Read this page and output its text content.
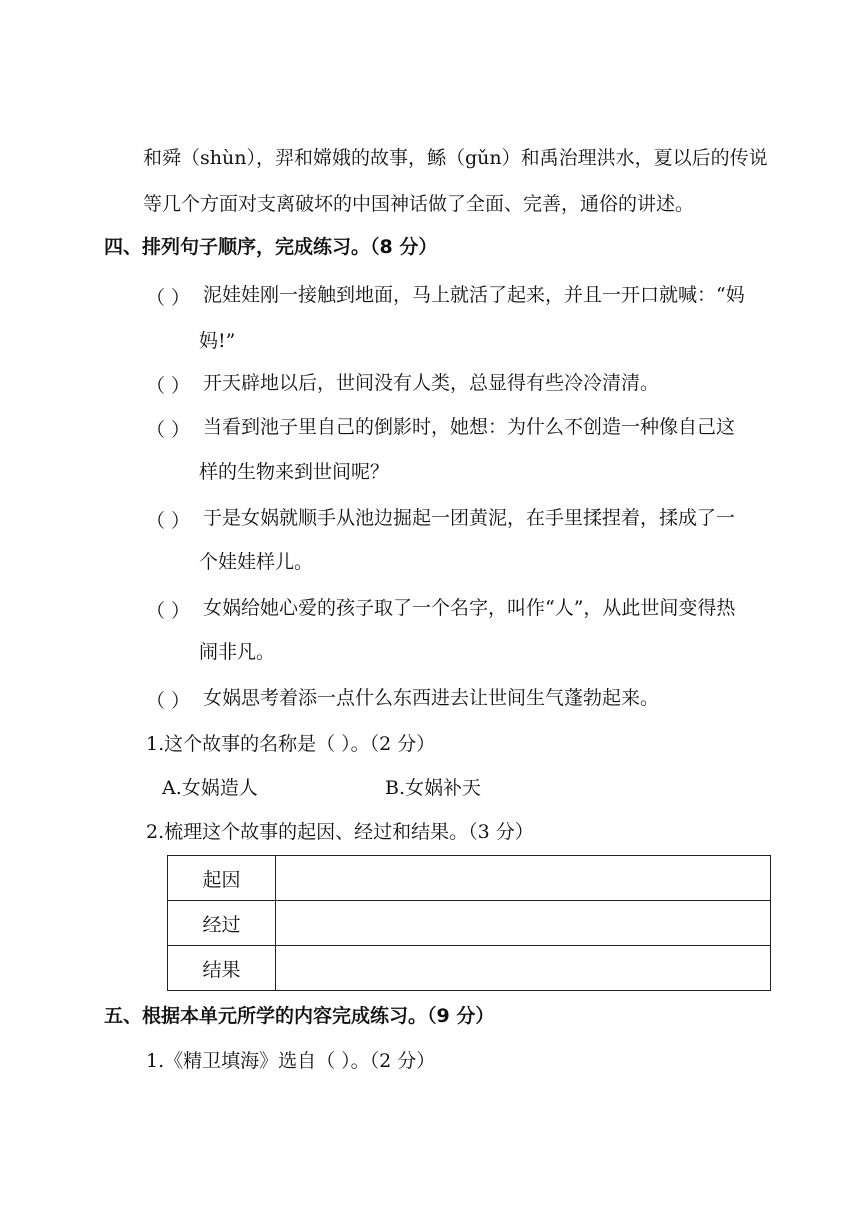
和舜（shùn），羿和嫦娥的故事，鲧（gǔn）和禹治理洪水，夏以后的传说
等几个方面对支离破坏的中国神话做了全面、完善，通俗的讲述。
四、排列句子顺序，完成练习。（8 分）
（ ） 泥娃娃刚一接触到地面，马上就活了起来，并且一开口就喊：“妈
妈!”
（ ） 开天辟地以后，世间没有人类，总显得有些冷冷清清。
（ ） 当看到池子里自己的倒影时，她想：为什么不创造一种像自己这
样的生物来到世间呢？
（ ） 于是女娲就顺手从池边掘起一团黄泥，在手里揉捏着，揉成了一
个娃娃样儿。
（ ） 女娲给她心爱的孩子取了一个名字，叫作“人”，从此世间变得热
闹非凡。
（ ） 女娲思考着添一点什么东西进去让世间生气蓬勃起来。
1.这个故事的名称是（ ）。（2 分）
A.女娲造人	B.女娲补天
2.梳理这个故事的起因、经过和结果。（3 分）
起因	
经过	
结果	
五、根据本单元所学的内容完成练习。（9 分）
1.《精卫填海》选自（ ）。（2 分）
